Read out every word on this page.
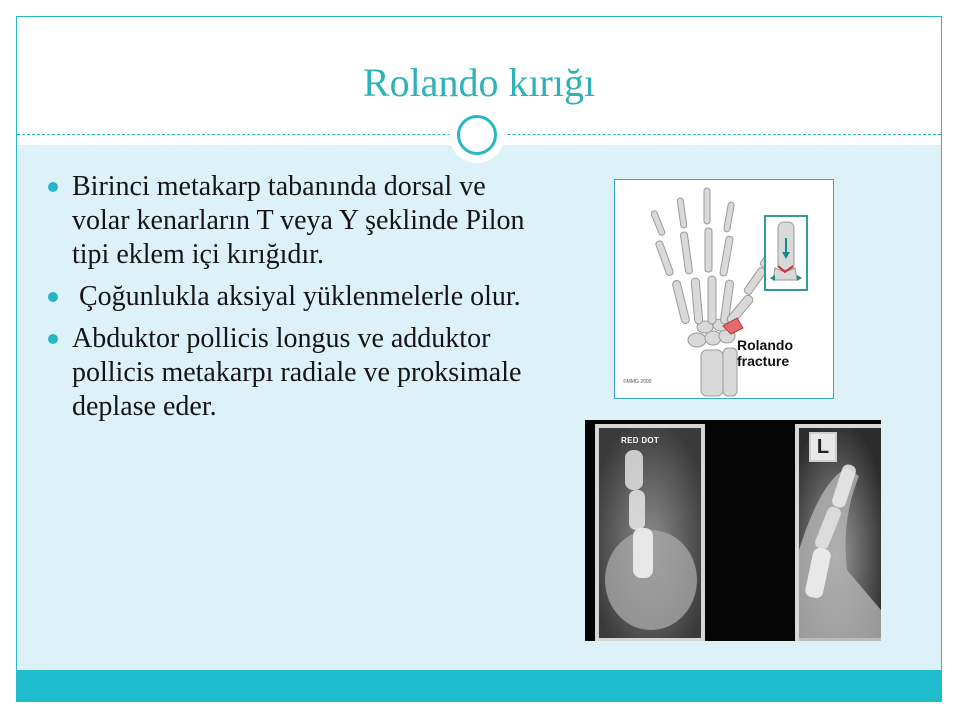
Rolando kırığı
Birinci metakarp tabanında dorsal ve volar kenarların T veya Y şeklinde Pilon tipi eklem içi kırığıdır.
Çoğunlukla aksiyal yüklenmelerle olur.
Abduktor pollicis longus ve adduktor pollicis metakarpı radiale ve proksimale deplase eder.
Rolando
fracture
©MMG 2009
RED DOT	L
